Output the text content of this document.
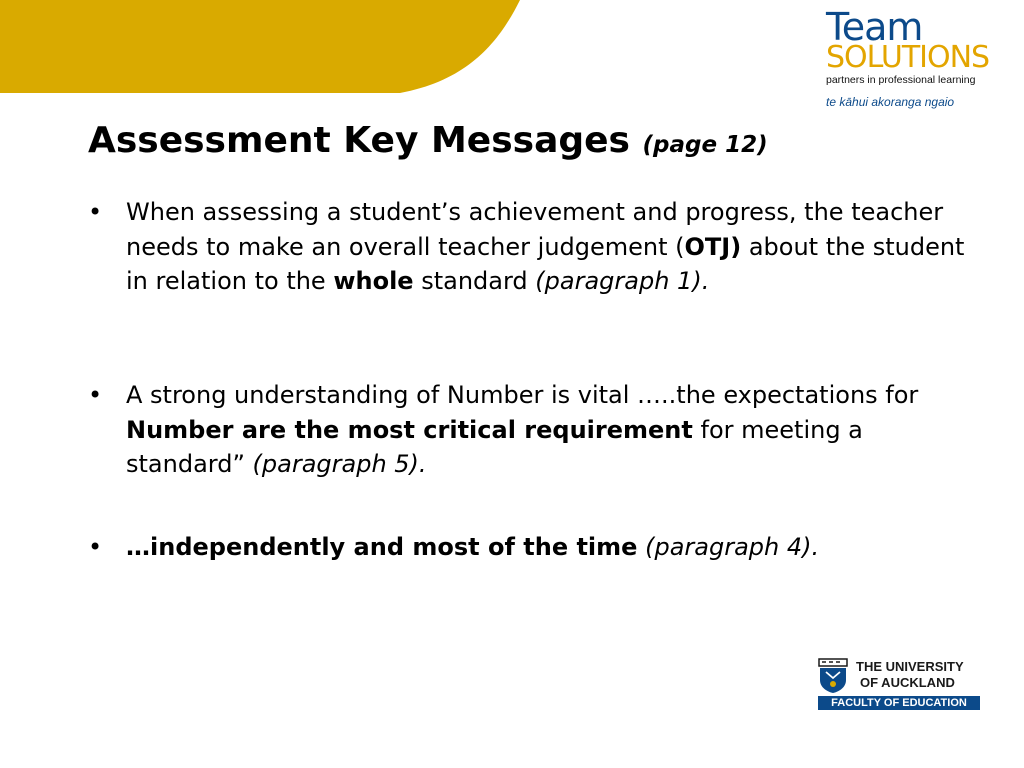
Team
SOLUTIONS
partners in professional learning
te kāhui akoranga ngaio
Assessment Key Messages (page 12)
• When assessing a student’s achievement and progress, the teacher needs to make an overall teacher judgement (OTJ) about the student in relation to the whole standard (paragraph 1).
• A strong understanding of Number is vital …..the expectations for Number are the most critical requirement for meeting a standard” (paragraph 5).
• …independently and most of the time (paragraph 4).
THE UNIVERSITY
OF AUCKLAND
FACULTY OF EDUCATION
